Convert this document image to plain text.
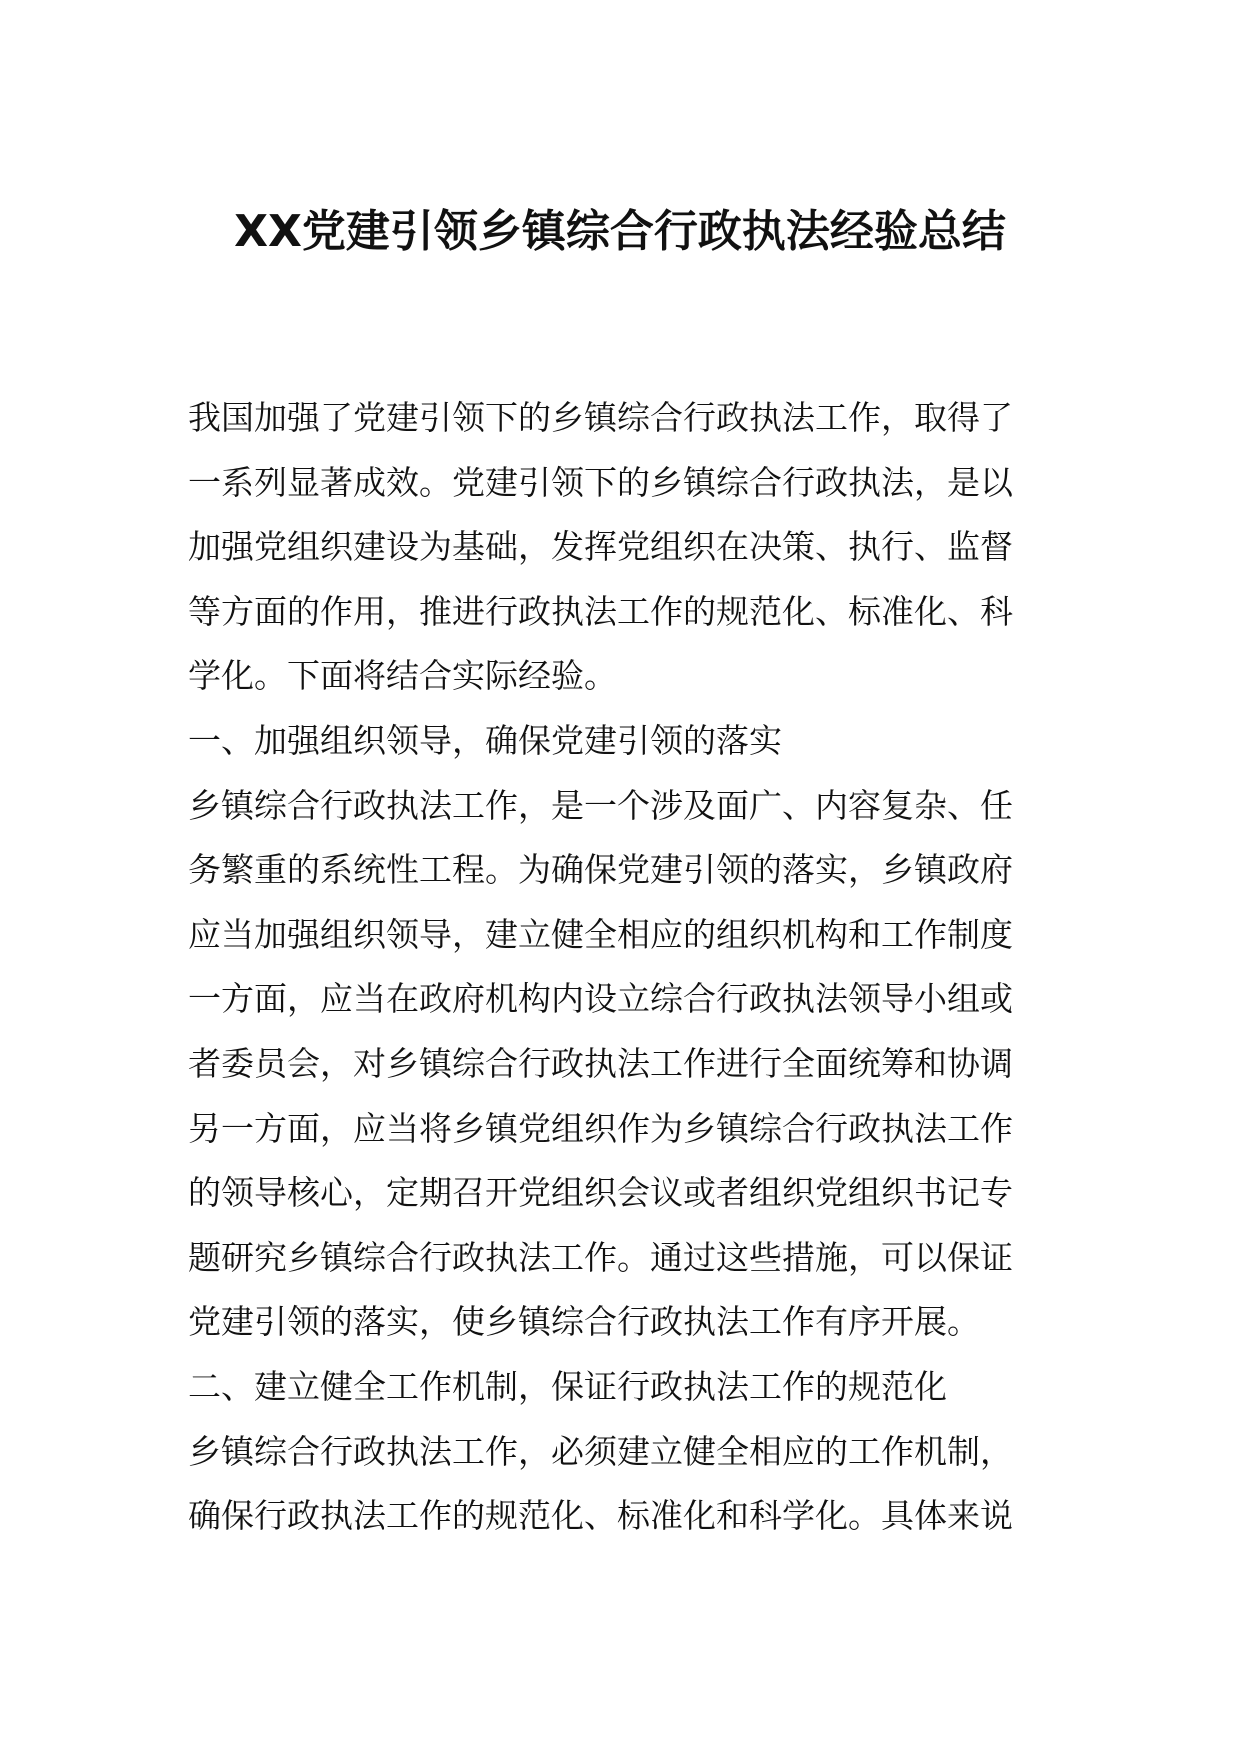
XX党建引领乡镇综合行政执法经验总结
我国加强了党建引领下的乡镇综合行政执法工作，取得了
一系列显著成效。党建引领下的乡镇综合行政执法，是以
加强党组织建设为基础，发挥党组织在决策、执行、监督
等方面的作用，推进行政执法工作的规范化、标准化、科
学化。下面将结合实际经验。
一、加强组织领导，确保党建引领的落实
乡镇综合行政执法工作，是一个涉及面广、内容复杂、任
务繁重的系统性工程。为确保党建引领的落实，乡镇政府
应当加强组织领导，建立健全相应的组织机构和工作制度
一方面，应当在政府机构内设立综合行政执法领导小组或
者委员会，对乡镇综合行政执法工作进行全面统筹和协调
另一方面，应当将乡镇党组织作为乡镇综合行政执法工作
的领导核心，定期召开党组织会议或者组织党组织书记专
题研究乡镇综合行政执法工作。通过这些措施，可以保证
党建引领的落实，使乡镇综合行政执法工作有序开展。
二、建立健全工作机制，保证行政执法工作的规范化
乡镇综合行政执法工作，必须建立健全相应的工作机制，
确保行政执法工作的规范化、标准化和科学化。具体来说
